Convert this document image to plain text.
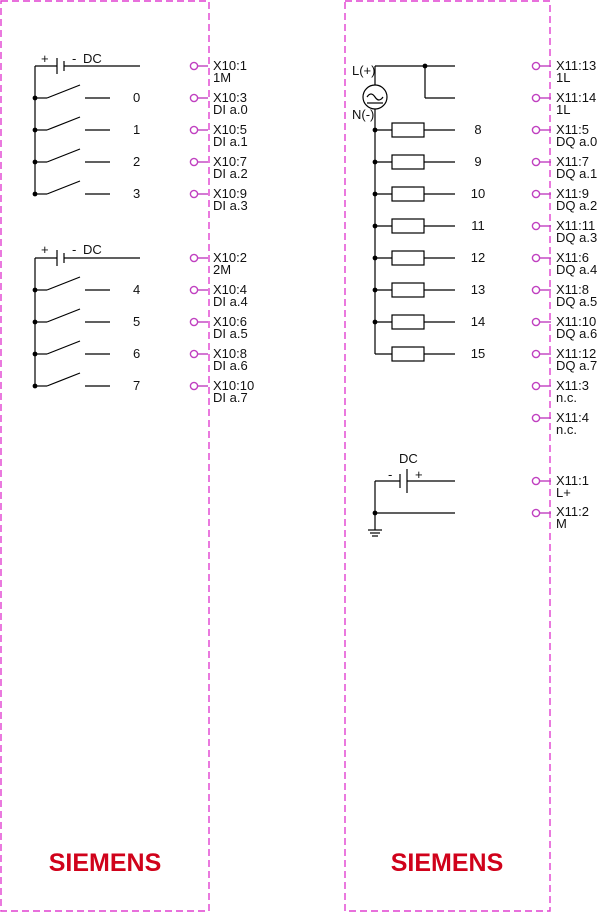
+ - DC	X10:1
1M
0	X10:3
DI a.0
1	X10:5
DI a.1
2	X10:7
DI a.2
3	X10:9
DI a.3
+ - DC
X10:2
2M
4	X10:4
DI a.4
5	X10:6
DI a.5
6	X10:8
DI a.6
7	X10:10
DI a.7
SIEMENS
L(+)
N(-)
X11:13
1L
X11:14
1L
8	X11:5
DQ a.0
9	X11:7
DQ a.1
10	X11:9
DQ a.2
11	X11:11
DQ a.3
12	X11:6
DQ a.4
13	X11:8
DQ a.5
14	X11:10
DQ a.6
15	X11:12
DQ a.7
X11:3
n.c.
X11:4
n.c.
DC
- +	X11:1
L+
X11:2
M
SIEMENS
